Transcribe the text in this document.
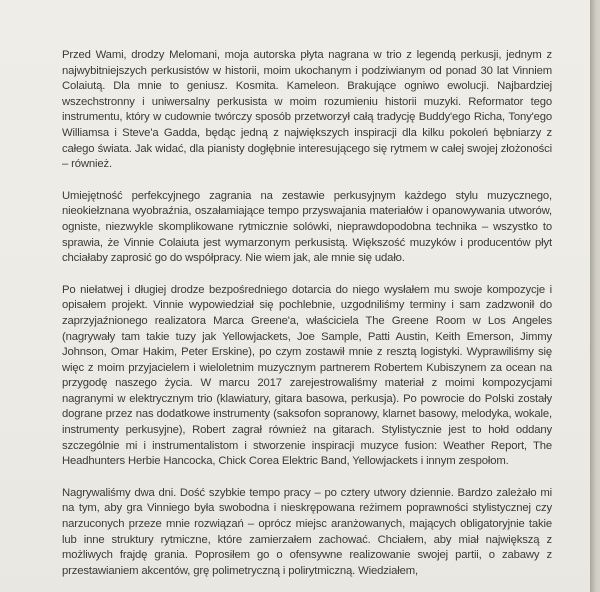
Przed Wami, drodzy Melomani, moja autorska płyta nagrana w trio z legendą perkusji, jednym z najwybitniejszych perkusistów w historii, moim ukochanym i podziwianym od ponad 30 lat Vinniem Colaiutą. Dla mnie to geniusz. Kosmita. Kameleon. Brakujące ogniwo ewolucji. Najbardziej wszechstronny i uniwersalny perkusista w moim rozumieniu historii muzyki. Reformator tego instrumentu, który w cudownie twórczy sposób przetworzył całą tradycję Buddy'ego Richa, Tony'ego Williamsa i Steve'a Gadda, będąc jedną z największych inspiracji dla kilku pokoleń bębniarzy z całego świata. Jak widać, dla pianisty dogłębnie interesującego się rytmem w całej swojej złożoności – również.

Umiejętność perfekcyjnego zagrania na zestawie perkusyjnym każdego stylu muzycznego, nieokiełznana wyobraźnia, oszałamiające tempo przyswajania materiałów i opanowywania utworów, ogniste, niezwykle skomplikowane rytmicznie solówki, nieprawdopodobna technika – wszystko to sprawia, że Vinnie Colaiuta jest wymarzonym perkusistą. Większość muzyków i producentów płyt chciałaby zaprosić go do współpracy. Nie wiem jak, ale mnie się udało.

Po niełatwej i długiej drodze bezpośredniego dotarcia do niego wysłałem mu swoje kompozycje i opisałem projekt. Vinnie wypowiedział się pochlebnie, uzgodniliśmy terminy i sam zadzwonił do zaprzyjaźnionego realizatora Marca Greene'a, właściciela The Greene Room w Los Angeles (nagrywały tam takie tuzy jak Yellowjackets, Joe Sample, Patti Austin, Keith Emerson, Jimmy Johnson, Omar Hakim, Peter Erskine), po czym zostawił mnie z resztą logistyki. Wyprawiliśmy się więc z moim przyjacielem i wieloletnim muzycznym partnerem Robertem Kubiszynem za ocean na przygodę naszego życia. W marcu 2017 zarejestrowaliśmy materiał z moimi kompozycjami nagranymi w elektrycznym trio (klawiatury, gitara basowa, perkusja). Po powrocie do Polski zostały dograne przez nas dodatkowe instrumenty (saksofon sopranowy, klarnet basowy, melodyka, wokale, instrumenty perkusyjne), Robert zagrał również na gitarach. Stylistycznie jest to hołd oddany szczególnie mi i instrumentalistom i stworzenie inspiracji muzyce fusion: Weather Report, The Headhunters Herbie Hancocka, Chick Corea Elektric Band, Yellowjackets i innym zespołom.

Nagrywaliśmy dwa dni. Dość szybkie tempo pracy – po cztery utwory dziennie. Bardzo zależało mi na tym, aby gra Vinniego była swobodna i nieskrępowana reżimem poprawności stylistycznej czy narzuconych przeze mnie rozwiązań – oprócz miejsc aranżowanych, mających obligatoryjnie takie lub inne struktury rytmiczne, które zamierzałem zachować. Chciałem, aby miał największą z możliwych frajdę grania. Poprosiłem go o ofensywne realizowanie swojej partii, o zabawy z przestawianiem akcentów, grę polimetryczną i polirytmiczną. Wiedziałem,
